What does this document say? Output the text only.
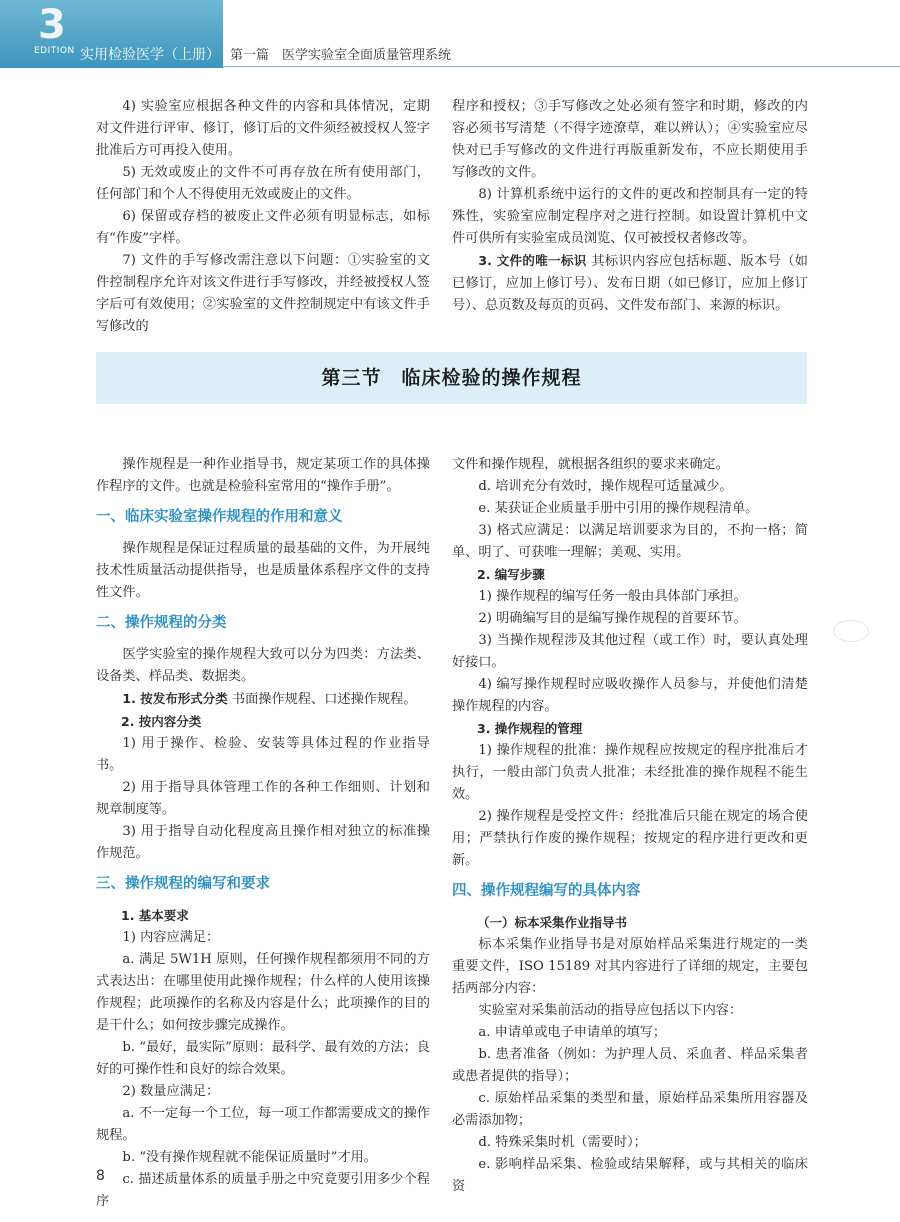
3
EDITION 实用检验医学（上册） 第一篇　医学实验室全面质量管理系统

4) 实验室应根据各种文件的内容和具体情况，定期对文件进行评审、修订，修订后的文件须经被授权人签字批准后方可再投入使用。

5) 无效或废止的文件不可再存放在所有使用部门，任何部门和个人不得使用无效或废止的文件。

6) 保留或存档的被废止文件必须有明显标志，如标有“作废”字样。

7) 文件的手写修改需注意以下问题：①实验室的文件控制程序允许对该文件进行手写修改，并经被授权人签字后可有效使用；②实验室的文件控制规定中有该文件手写修改的

程序和授权；③手写修改之处必须有签字和时期，修改的内容必须书写清楚（不得字迹潦草，难以辨认）；④实验室应尽快对已手写修改的文件进行再版重新发布，不应长期使用手写修改的文件。

8) 计算机系统中运行的文件的更改和控制具有一定的特殊性，实验室应制定程序对之进行控制。如设置计算机中文件可供所有实验室成员浏览、仅可被授权者修改等。

3. 文件的唯一标识 其标识内容应包括标题、版本号（如已修订，应加上修订号）、发布日期（如已修订，应加上修订号）、总页数及每页的页码、文件发布部门、来源的标识。

第三节　临床检验的操作规程

操作规程是一种作业指导书，规定某项工作的具体操作程序的文件。也就是检验科室常用的“操作手册”。

一、临床实验室操作规程的作用和意义

操作规程是保证过程质量的最基础的文件，为开展纯技术性质量活动提供指导，也是质量体系程序文件的支持性文件。

二、操作规程的分类

医学实验室的操作规程大致可以分为四类：方法类、设备类、样品类、数据类。

1. 按发布形式分类 书面操作规程、口述操作规程。

2. 按内容分类

1) 用于操作、检验、安装等具体过程的作业指导书。

2) 用于指导具体管理工作的各种工作细则、计划和规章制度等。

3) 用于指导自动化程度高且操作相对独立的标准操作规范。

三、操作规程的编写和要求

1. 基本要求

1) 内容应满足：

a. 满足 5W1H 原则，任何操作规程都须用不同的方式表达出：在哪里使用此操作规程；什么样的人使用该操作规程；此项操作的名称及内容是什么；此项操作的目的是干什么；如何按步骤完成操作。

b. “最好，最实际”原则：最科学、最有效的方法；良好的可操作性和良好的综合效果。

2) 数量应满足：

a. 不一定每一个工位，每一项工作都需要成文的操作规程。

b. “没有操作规程就不能保证质量时”才用。

c. 描述质量体系的质量手册之中究竟要引用多少个程序

文件和操作规程，就根据各组织的要求来确定。

d. 培训充分有效时，操作规程可适量减少。

e. 某获证企业质量手册中引用的操作规程清单。

3) 格式应满足：以满足培训要求为目的，不拘一格；简单、明了、可获唯一理解；美观、实用。

2. 编写步骤

1) 操作规程的编写任务一般由具体部门承担。

2) 明确编写目的是编写操作规程的首要环节。

3) 当操作规程涉及其他过程（或工作）时，要认真处理好接口。

4) 编写操作规程时应吸收操作人员参与，并使他们清楚操作规程的内容。

3. 操作规程的管理

1) 操作规程的批准：操作规程应按规定的程序批准后才执行，一般由部门负责人批准；未经批准的操作规程不能生效。

2) 操作规程是受控文件：经批准后只能在规定的场合使用；严禁执行作废的操作规程；按规定的程序进行更改和更新。

四、操作规程编写的具体内容

（一）标本采集作业指导书

标本采集作业指导书是对原始样品采集进行规定的一类重要文件，ISO 15189 对其内容进行了详细的规定，主要包括两部分内容：

实验室对采集前活动的指导应包括以下内容：

a. 申请单或电子申请单的填写；

b. 患者准备（例如：为护理人员、采血者、样品采集者或患者提供的指导）；

c. 原始样品采集的类型和量，原始样品采集所用容器及必需添加物；

d. 特殊采集时机（需要时）；

e. 影响样品采集、检验或结果解释，或与其相关的临床资

8
